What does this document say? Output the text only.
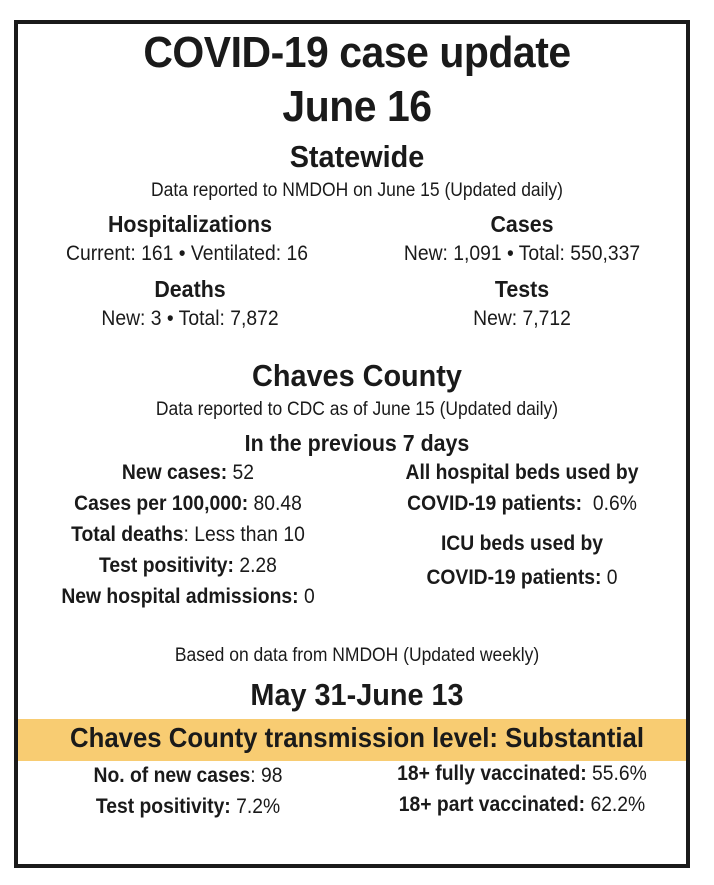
COVID-19 case update
June 16
Statewide
Data reported to NMDOH on June 15 (Updated daily)
Hospitalizations
Current: 161 • Ventilated: 16
Cases
New: 1,091 • Total: 550,337
Deaths
New: 3 • Total: 7,872
Tests
New: 7,712
Chaves County
Data reported to CDC as of June 15 (Updated daily)
In the previous 7 days
New cases: 52
Cases per 100,000: 80.48
Total deaths: Less than 10
Test positivity: 2.28
New hospital admissions: 0
All hospital beds used by
COVID-19 patients:  0.6%
ICU beds used by
COVID-19 patients: 0
Based on data from NMDOH (Updated weekly)
May 31-June 13
Chaves County transmission level: Substantial
No. of new cases: 98
Test positivity: 7.2%
18+ fully vaccinated: 55.6%
18+ part vaccinated: 62.2%
